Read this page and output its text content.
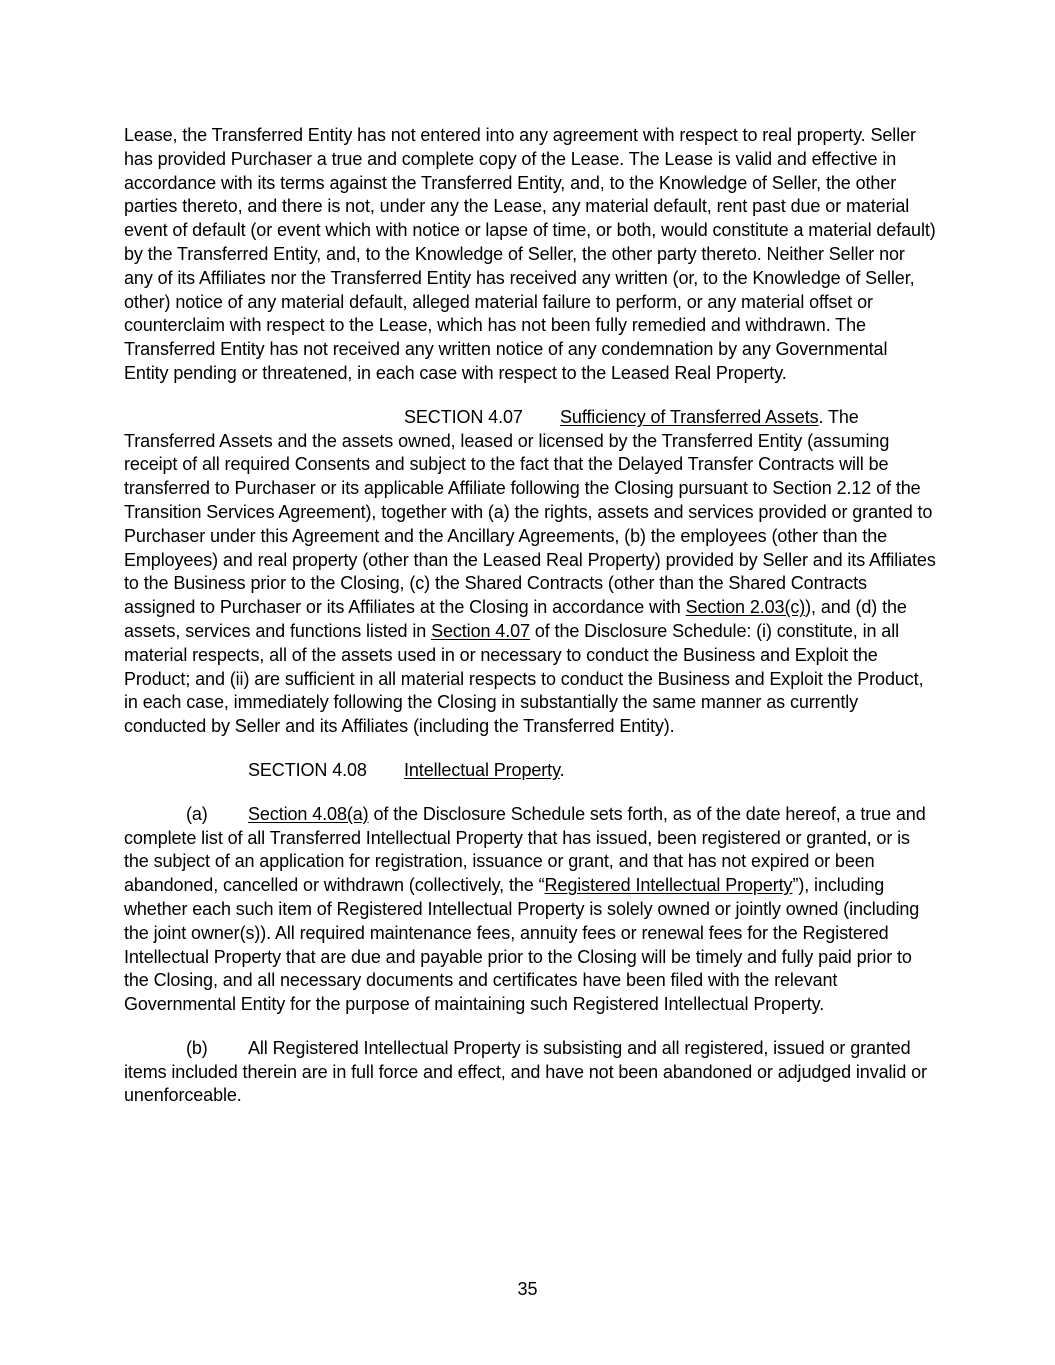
Lease, the Transferred Entity has not entered into any agreement with respect to real property. Seller has provided Purchaser a true and complete copy of the Lease. The Lease is valid and effective in accordance with its terms against the Transferred Entity, and, to the Knowledge of Seller, the other parties thereto, and there is not, under any the Lease, any material default, rent past due or material event of default (or event which with notice or lapse of time, or both, would constitute a material default) by the Transferred Entity, and, to the Knowledge of Seller, the other party thereto. Neither Seller nor any of its Affiliates nor the Transferred Entity has received any written (or, to the Knowledge of Seller, other) notice of any material default, alleged material failure to perform, or any material offset or counterclaim with respect to the Lease, which has not been fully remedied and withdrawn. The Transferred Entity has not received any written notice of any condemnation by any Governmental Entity pending or threatened, in each case with respect to the Leased Real Property.

SECTION 4.07 Sufficiency of Transferred Assets. The Transferred Assets and the assets owned, leased or licensed by the Transferred Entity (assuming receipt of all required Consents and subject to the fact that the Delayed Transfer Contracts will be transferred to Purchaser or its applicable Affiliate following the Closing pursuant to Section 2.12 of the Transition Services Agreement), together with (a) the rights, assets and services provided or granted to Purchaser under this Agreement and the Ancillary Agreements, (b) the employees (other than the Employees) and real property (other than the Leased Real Property) provided by Seller and its Affiliates to the Business prior to the Closing, (c) the Shared Contracts (other than the Shared Contracts assigned to Purchaser or its Affiliates at the Closing in accordance with Section 2.03(c)), and (d) the assets, services and functions listed in Section 4.07 of the Disclosure Schedule: (i) constitute, in all material respects, all of the assets used in or necessary to conduct the Business and Exploit the Product; and (ii) are sufficient in all material respects to conduct the Business and Exploit the Product, in each case, immediately following the Closing in substantially the same manner as currently conducted by Seller and its Affiliates (including the Transferred Entity).

SECTION 4.08 Intellectual Property.

(a) Section 4.08(a) of the Disclosure Schedule sets forth, as of the date hereof, a true and complete list of all Transferred Intellectual Property that has issued, been registered or granted, or is the subject of an application for registration, issuance or grant, and that has not expired or been abandoned, cancelled or withdrawn (collectively, the “Registered Intellectual Property”), including whether each such item of Registered Intellectual Property is solely owned or jointly owned (including the joint owner(s)). All required maintenance fees, annuity fees or renewal fees for the Registered Intellectual Property that are due and payable prior to the Closing will be timely and fully paid prior to the Closing, and all necessary documents and certificates have been filed with the relevant Governmental Entity for the purpose of maintaining such Registered Intellectual Property.

(b) All Registered Intellectual Property is subsisting and all registered, issued or granted items included therein are in full force and effect, and have not been abandoned or adjudged invalid or unenforceable.

35
